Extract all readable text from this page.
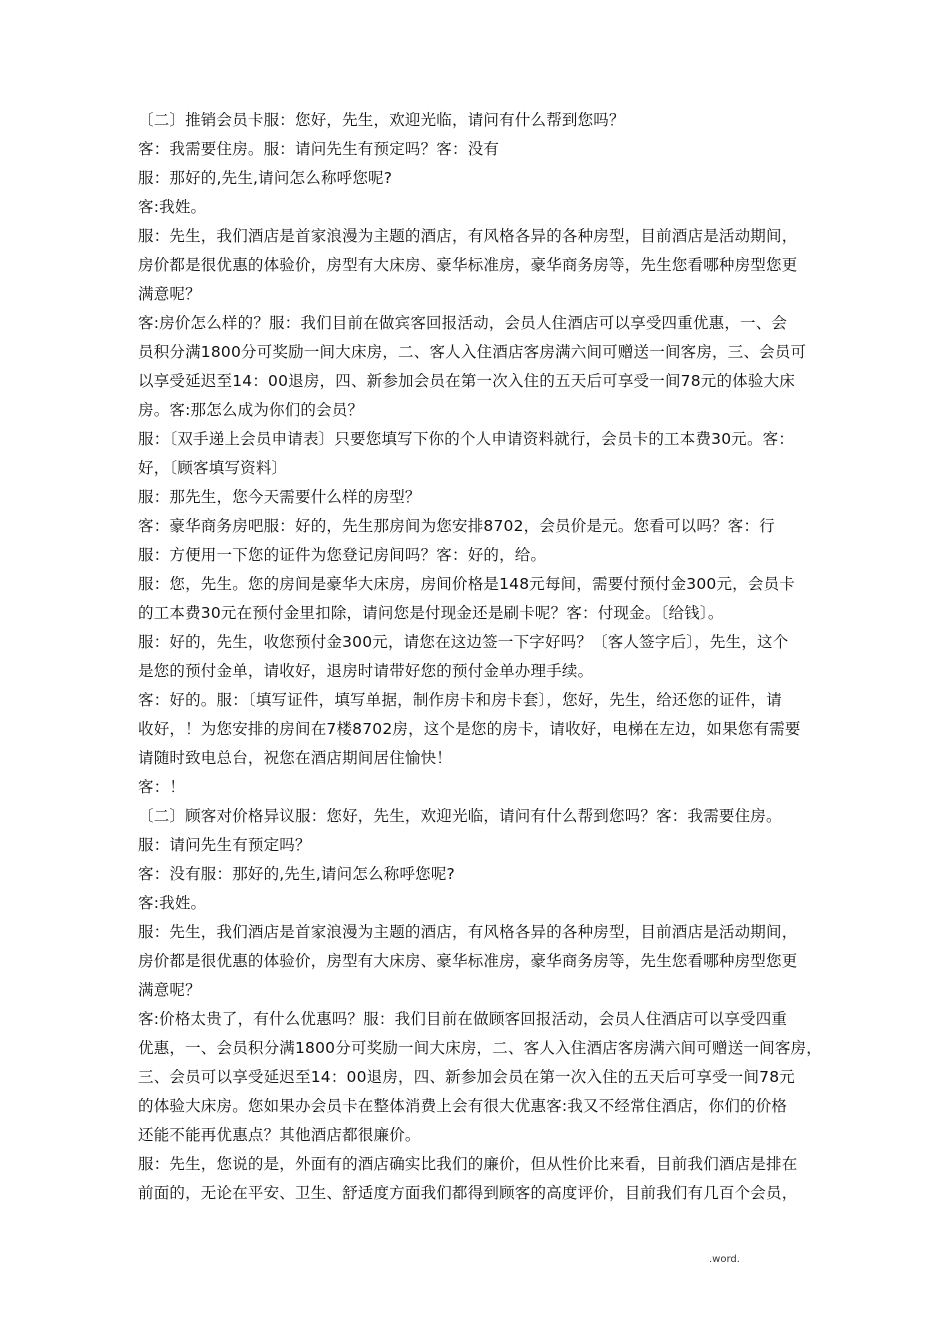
〔二〕推销会员卡服：您好，先生，欢迎光临，请问有什么帮到您吗？
客：我需要住房。服：请问先生有预定吗？客：没有
服：那好的,先生,请问怎么称呼您呢?
客:我姓。
服：先生，我们酒店是首家浪漫为主题的酒店，有风格各异的各种房型，目前酒店是活动期间，
房价都是很优惠的体验价，房型有大床房、豪华标准房，豪华商务房等，先生您看哪种房型您更
满意呢？
客:房价怎么样的？服：我们目前在做宾客回报活动，会员人住酒店可以享受四重优惠，一、会
员积分满1800分可奖励一间大床房，二、客人入住酒店客房满六间可赠送一间客房，三、会员可
以享受延迟至14：00退房，四、新参加会员在第一次入住的五天后可享受一间78元的体验大床
房。客:那怎么成为你们的会员？
服：〔双手递上会员申请表〕只要您填写下你的个人申请资料就行，会员卡的工本费30元。客：
好，〔顾客填写资料〕
服：那先生，您今天需要什么样的房型？
客：豪华商务房吧服：好的，先生那房间为您安排8702，会员价是元。您看可以吗？客：行
服：方便用一下您的证件为您登记房间吗？客：好的，给。
服：您，先生。您的房间是豪华大床房，房间价格是148元每间，需要付预付金300元，会员卡
的工本费30元在预付金里扣除，请问您是付现金还是刷卡呢？客：付现金。〔给钱〕。
服：好的，先生，收您预付金300元，请您在这边签一下字好吗？〔客人签字后〕，先生，这个
是您的预付金单，请收好，退房时请带好您的预付金单办理手续。
客：好的。服：〔填写证件，填写单据，制作房卡和房卡套〕，您好，先生，给还您的证件，请
收好，！为您安排的房间在7楼8702房，这个是您的房卡，请收好，电梯在左边，如果您有需要
请随时致电总台，祝您在酒店期间居住愉快！
客：！
〔二〕顾客对价格异议服：您好，先生，欢迎光临，请问有什么帮到您吗？客：我需要住房。
服：请问先生有预定吗？
客：没有服：那好的,先生,请问怎么称呼您呢?
客:我姓。
服：先生，我们酒店是首家浪漫为主题的酒店，有风格各异的各种房型，目前酒店是活动期间，
房价都是很优惠的体验价，房型有大床房、豪华标准房，豪华商务房等，先生您看哪种房型您更
满意呢？
客:价格太贵了，有什么优惠吗？服：我们目前在做顾客回报活动，会员人住酒店可以享受四重
优惠，一、会员积分满1800分可奖励一间大床房，二、客人入住酒店客房满六间可赠送一间客房，
三、会员可以享受延迟至14：00退房，四、新参加会员在第一次入住的五天后可享受一间78元
的体验大床房。您如果办会员卡在整体消费上会有很大优惠客:我又不经常住酒店，你们的价格
还能不能再优惠点？其他酒店都很廉价。
服：先生，您说的是，外面有的酒店确实比我们的廉价，但从性价比来看，目前我们酒店是排在
前面的，无论在平安、卫生、舒适度方面我们都得到顾客的高度评价，目前我们有几百个会员，
.word.
